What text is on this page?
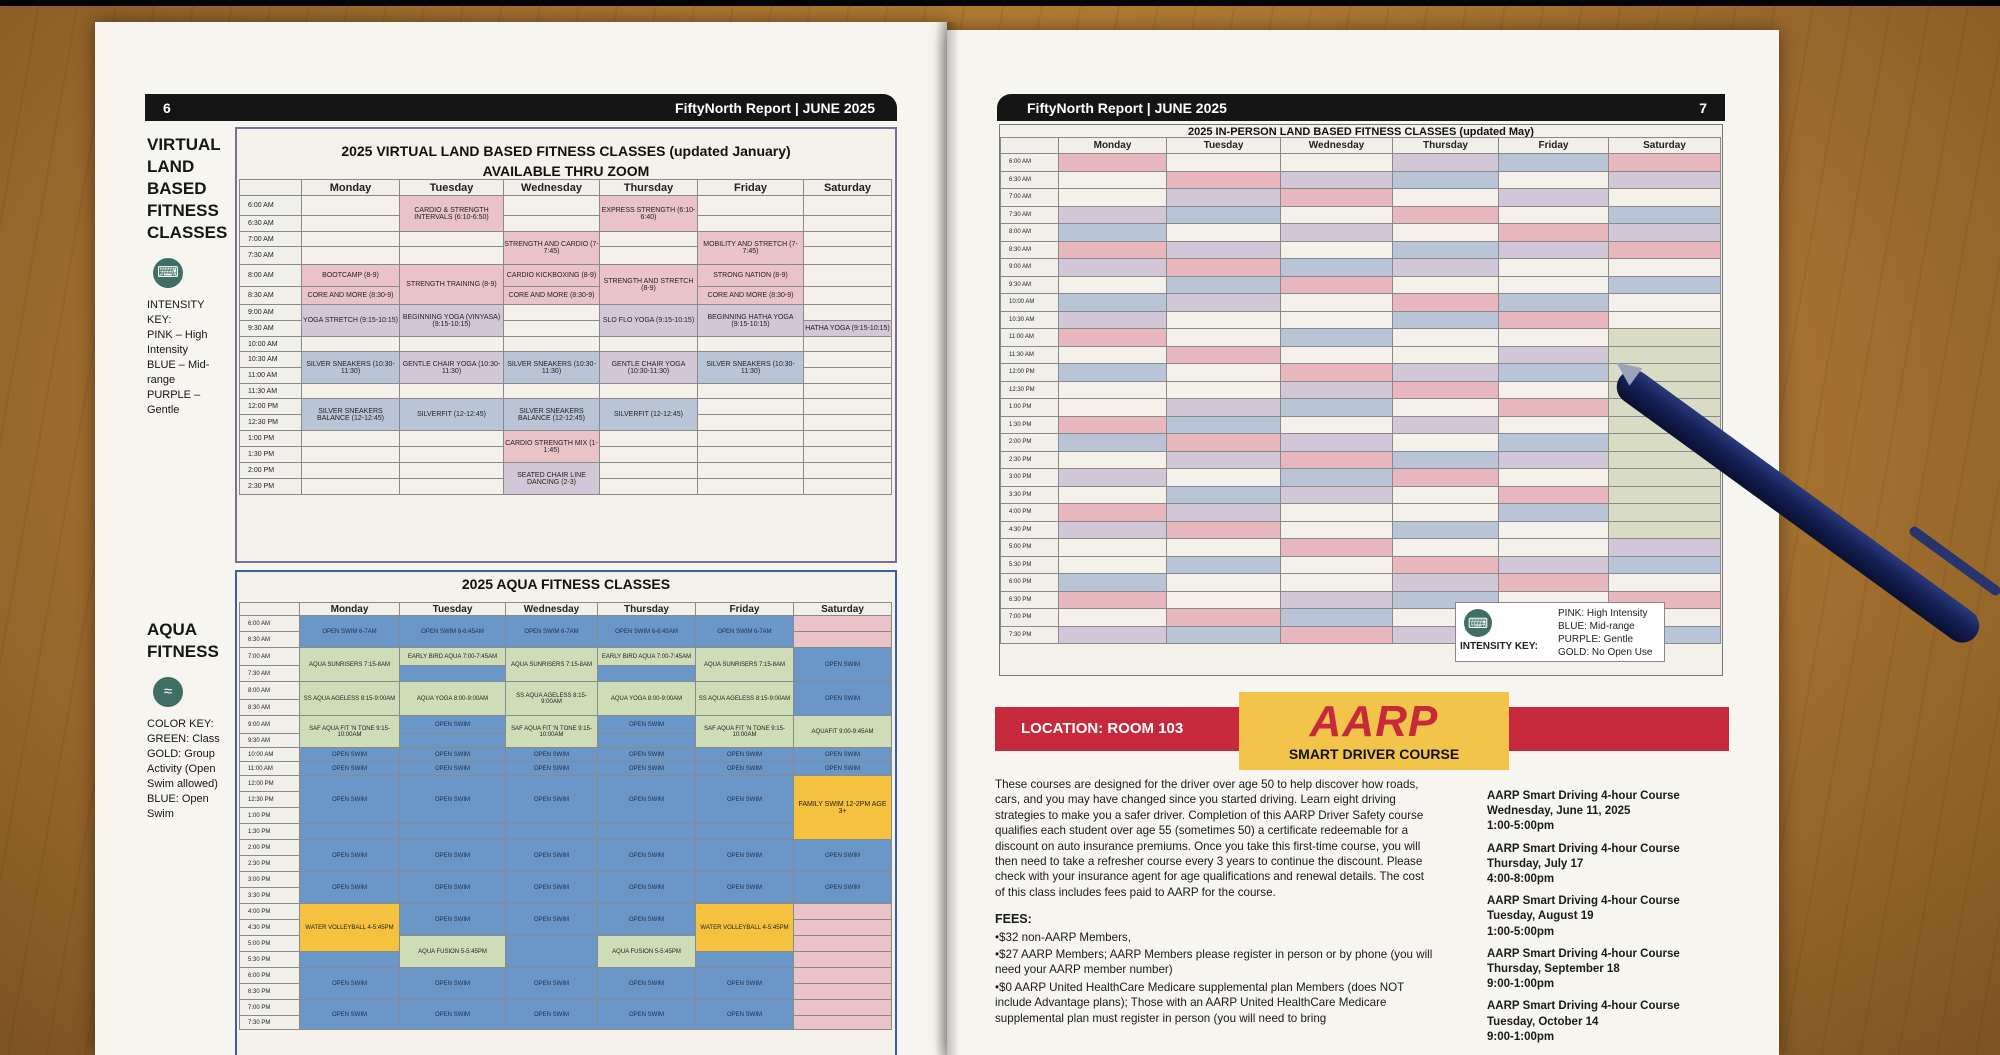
6	FiftyNorth Report | JUNE 2025
VIRTUAL LAND BASED FITNESS CLASSES
⌨
INTENSITY KEY:
PINK – High Intensity
BLUE – Mid-range
PURPLE – Gentle
AQUA FITNESS
≈
COLOR KEY:
GREEN: Class
GOLD: Group Activity (Open Swim allowed)
BLUE: Open Swim
2025 VIRTUAL LAND BASED FITNESS CLASSES (updated January)
AVAILABLE THRU ZOOM
	Monday	Tuesday	Wednesday	Thursday	Friday	Saturday
6:00 AM		CARDIO & STRENGTH INTERVALS (6:10-6:50)		EXPRESS STRENGTH (6:10-6:40)		
6:30 AM						
7:00 AM			STRENGTH AND CARDIO (7-7:45)		MOBILITY AND STRETCH (7-7:45)	
7:30 AM						
8:00 AM	BOOTCAMP (8-9)	STRENGTH TRAINING (8-9)	CARDIO KICKBOXING (8-9)	STRENGTH AND STRETCH (8-9)	STRONG NATION (8-9)	
8:30 AM	CORE AND MORE (8:30-9)		CORE AND MORE (8:30-9)		CORE AND MORE (8:30-9)	
9:00 AM	YOGA STRETCH (9:15-10:15)	BEGINNING YOGA (VINYASA) (9:15-10:15)		SLO FLO YOGA (9:15-10:15)	BEGINNING HATHA YOGA (9:15-10:15)	
9:30 AM						HATHA YOGA (9:15-10:15)
10:00 AM						
10:30 AM	SILVER SNEAKERS (10:30-11:30)	GENTLE CHAIR YOGA (10:30-11:30)	SILVER SNEAKERS (10:30-11:30)	GENTLE CHAIR YOGA (10:30-11:30)	SILVER SNEAKERS (10:30-11:30)	
11:00 AM						
11:30 AM						
12:00 PM	SILVER SNEAKERS BALANCE (12-12:45)	SILVERFIT (12-12:45)	SILVER SNEAKERS BALANCE (12-12:45)	SILVERFIT (12-12:45)		
12:30 PM						
1:00 PM			CARDIO STRENGTH MIX (1-1:45)			
1:30 PM						
2:00 PM			SEATED CHAIR LINE DANCING (2-3)			
2:30 PM						
2025 AQUA FITNESS CLASSES
	Monday	Tuesday	Wednesday	Thursday	Friday	Saturday
6:00 AM	OPEN SWIM 6-7AM	OPEN SWIM 6-6:45AM	OPEN SWIM 6-7AM	OPEN SWIM 6-6:45AM	OPEN SWIM 6-7AM	
6:30 AM						
7:00 AM	AQUA SUNRISERS 7:15-8AM	EARLY BIRD AQUA 7:00-7:45AM	AQUA SUNRISERS 7:15-8AM	EARLY BIRD AQUA 7:00-7:45AM	AQUA SUNRISERS 7:15-8AM	OPEN SWIM
7:30 AM						
8:00 AM	SS AQUA AGELESS 8:15-9:00AM	AQUA YOGA 8:00-9:00AM	SS AQUA AGELESS 8:15-9:00AM	AQUA YOGA 8:00-9:00AM	SS AQUA AGELESS 8:15-9:00AM	OPEN SWIM
8:30 AM						
9:00 AM	SAF AQUA FIT 'N TONE 9:15-10:00AM	OPEN SWIM	SAF AQUA FIT 'N TONE 9:15-10:00AM	OPEN SWIM	SAF AQUA FIT 'N TONE 9:15-10:00AM	AQUAFIT 9:00-9:45AM
9:30 AM						
10:00 AM	OPEN SWIM	OPEN SWIM	OPEN SWIM	OPEN SWIM	OPEN SWIM	OPEN SWIM
11:00 AM	OPEN SWIM	OPEN SWIM	OPEN SWIM	OPEN SWIM	OPEN SWIM	OPEN SWIM
12:00 PM	OPEN SWIM	OPEN SWIM	OPEN SWIM	OPEN SWIM	OPEN SWIM	FAMILY SWIM 12-2PM AGE 3+
12:30 PM						
1:00 PM						
1:30 PM						
2:00 PM	OPEN SWIM	OPEN SWIM	OPEN SWIM	OPEN SWIM	OPEN SWIM	OPEN SWIM
2:30 PM						
3:00 PM	OPEN SWIM	OPEN SWIM	OPEN SWIM	OPEN SWIM	OPEN SWIM	OPEN SWIM
3:30 PM						
4:00 PM	WATER VOLLEYBALL 4-5:45PM	OPEN SWIM	OPEN SWIM	OPEN SWIM	WATER VOLLEYBALL 4-5:45PM	
4:30 PM						
5:00 PM		AQUA FUSION 5-5:45PM		AQUA FUSION 5-5:45PM		
5:30 PM						
6:00 PM	OPEN SWIM	OPEN SWIM	OPEN SWIM	OPEN SWIM	OPEN SWIM	
6:30 PM						
7:00 PM	OPEN SWIM	OPEN SWIM	OPEN SWIM	OPEN SWIM	OPEN SWIM	
7:30 PM						
FiftyNorth Report | JUNE 2025	7
2025 IN-PERSON LAND BASED FITNESS CLASSES (updated May)
	Monday	Tuesday	Wednesday	Thursday	Friday	Saturday
6:00 AM						
6:30 AM						
7:00 AM						
7:30 AM						
8:00 AM						
8:30 AM						
9:00 AM						
9:30 AM						
10:00 AM						
10:30 AM						
11:00 AM						
11:30 AM						
12:00 PM						
12:30 PM						
1:00 PM						
1:30 PM						
2:00 PM						
2:30 PM						
3:00 PM						
3:30 PM						
4:00 PM						
4:30 PM						
5:00 PM						
5:30 PM						
6:00 PM						
6:30 PM						
7:00 PM						
7:30 PM						
⌨
INTENSITY KEY:
PINK: High Intensity
BLUE: Mid-range
PURPLE: Gentle
GOLD: No Open Use
LOCATION: ROOM 103	AARP
SMART DRIVER COURSE
These courses are designed for the driver over age 50 to help discover how roads, cars, and you may have changed since you started driving. Learn eight driving strategies to make you a safer driver. Completion of this AARP Driver Safety course qualifies each student over age 55 (sometimes 50) a certificate redeemable for a discount on auto insurance premiums. Once you take this first-time course, you will then need to take a refresher course every 3 years to continue the discount. Please check with your insurance agent for age qualifications and renewal details. The cost of this class includes fees paid to AARP for the course.
FEES:
•$32 non-AARP Members,
•$27 AARP Members; AARP Members please register in person or by phone (you will need your AARP member number)
•$0 AARP United HealthCare Medicare supplemental plan Members (does NOT include Advantage plans); Those with an AARP United HealthCare Medicare supplemental plan must register in person (you will need to bring
AARP Smart Driving 4-hour Course
Wednesday, June 11, 2025
1:00-5:00pm
AARP Smart Driving 4-hour Course
Thursday, July 17
4:00-8:00pm
AARP Smart Driving 4-hour Course
Tuesday, August 19
1:00-5:00pm
AARP Smart Driving 4-hour Course
Thursday, September 18
9:00-1:00pm
AARP Smart Driving 4-hour Course
Tuesday, October 14
9:00-1:00pm
